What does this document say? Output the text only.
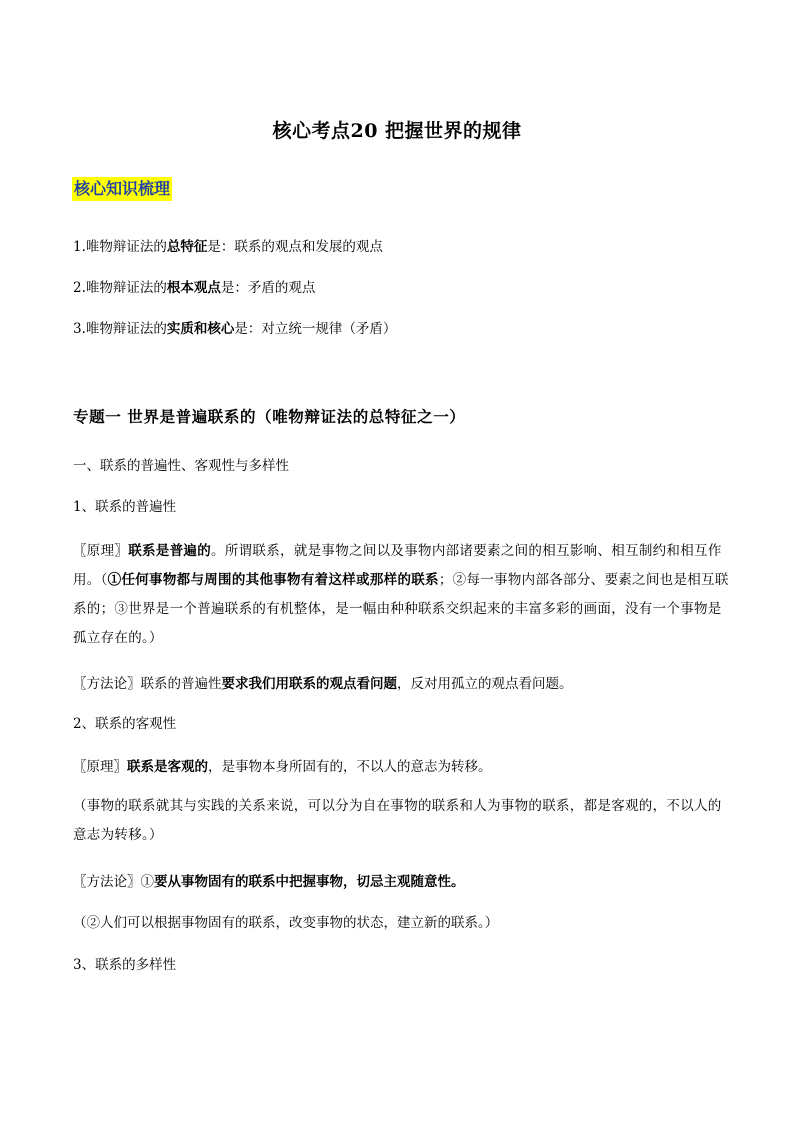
核心考点20 把握世界的规律
核心知识梳理
1.唯物辩证法的总特征是：联系的观点和发展的观点
2.唯物辩证法的根本观点是：矛盾的观点
3.唯物辩证法的实质和核心是：对立统一规律（矛盾）
专题一 世界是普遍联系的（唯物辩证法的总特征之一）
一、联系的普遍性、客观性与多样性
1、联系的普遍性
〖原理〗联系是普遍的。所谓联系，就是事物之间以及事物内部诸要素之间的相互影响、相互制约和相互作用。（①任何事物都与周围的其他事物有着这样或那样的联系；②每一事物内部各部分、要素之间也是相互联系的；③世界是一个普遍联系的有机整体，是一幅由种种联系交织起来的丰富多彩的画面，没有一个事物是孤立存在的。）
〖方法论〗联系的普遍性要求我们用联系的观点看问题，反对用孤立的观点看问题。
2、联系的客观性
〖原理〗联系是客观的，是事物本身所固有的，不以人的意志为转移。
（事物的联系就其与实践的关系来说，可以分为自在事物的联系和人为事物的联系，都是客观的，不以人的意志为转移。）
〖方法论〗①要从事物固有的联系中把握事物，切忌主观随意性。
（②人们可以根据事物固有的联系，改变事物的状态，建立新的联系。）
3、联系的多样性
